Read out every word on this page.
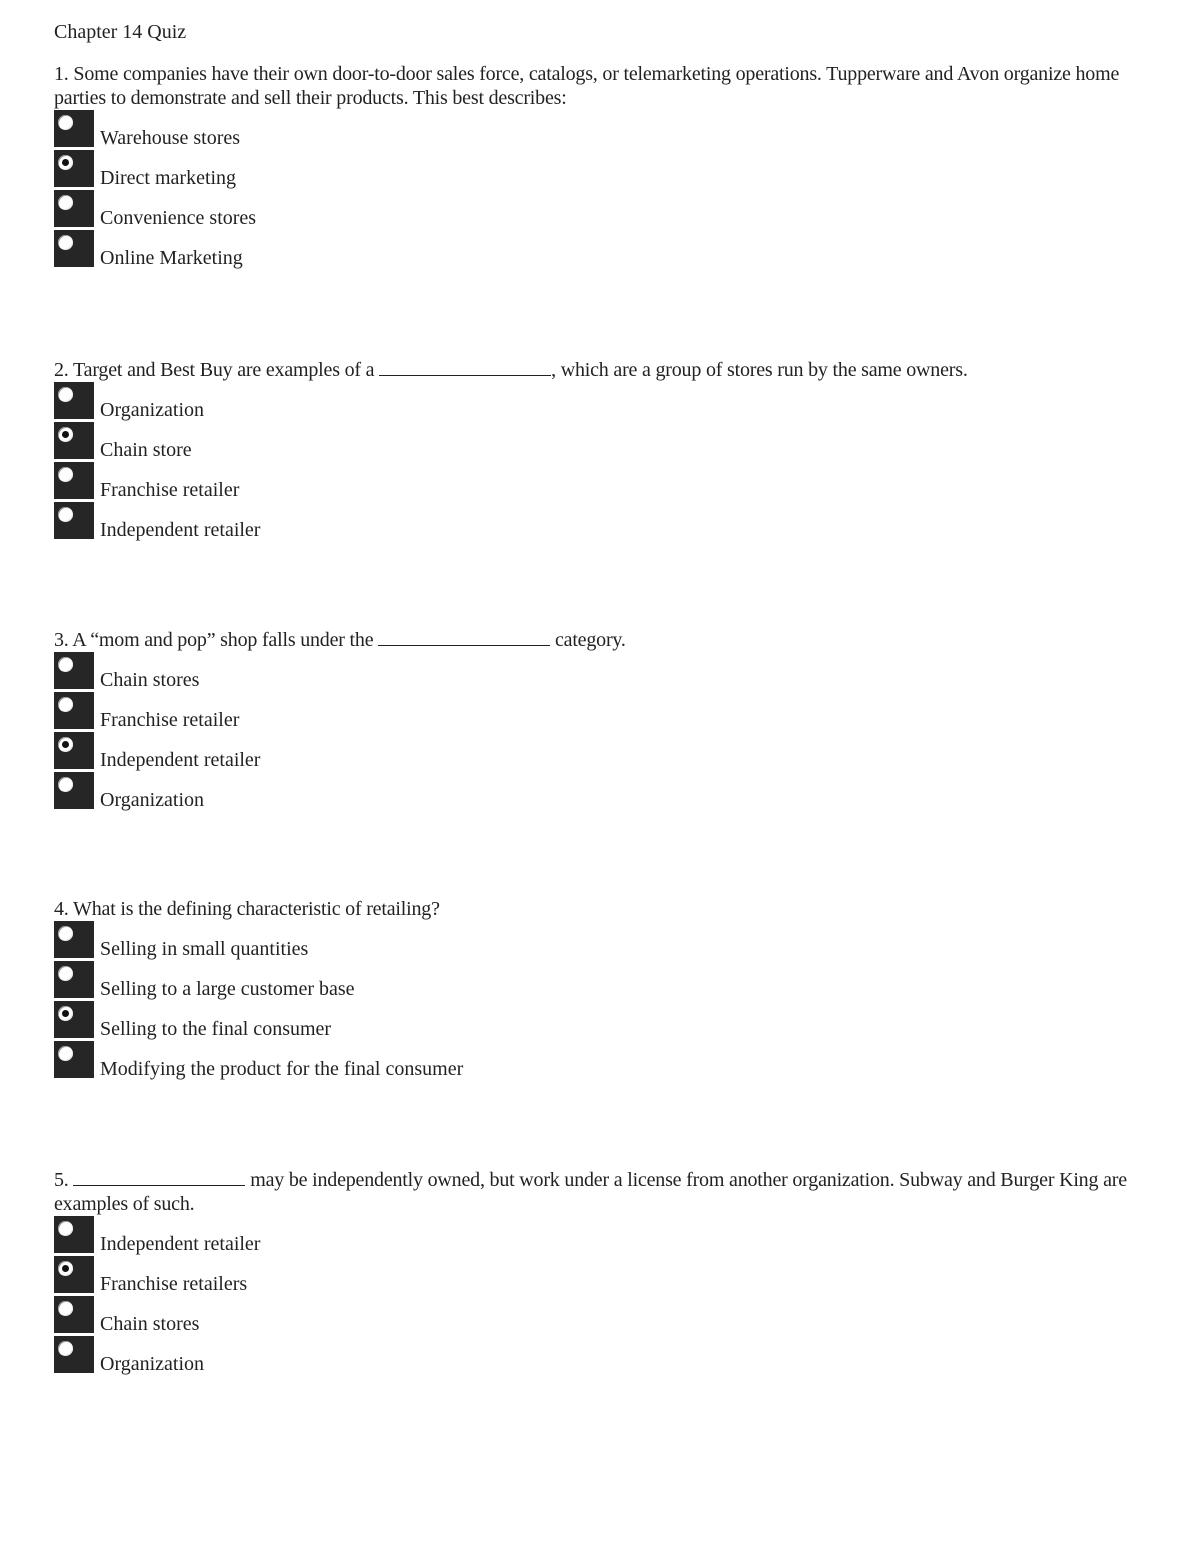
Chapter 14 Quiz

1. Some companies have their own door-to-door sales force, catalogs, or telemarketing operations. Tupperware and Avon organize home parties to demonstrate and sell their products. This best describes:

Warehouse stores
Direct marketing
Convenience stores
Online Marketing

2. Target and Best Buy are examples of a	, which are a group of stores run by the same owners.

Organization
Chain store
Franchise retailer
Independent retailer

3. A “mom and pop” shop falls under the	category.

Chain stores
Franchise retailer
Independent retailer
Organization

4. What is the defining characteristic of retailing?

Selling in small quantities
Selling to a large customer base
Selling to the final consumer
Modifying the product for the final consumer

5.	may be independently owned, but work under a license from another organization. Subway and Burger King are examples of such.

Independent retailer
Franchise retailers
Chain stores
Organization
